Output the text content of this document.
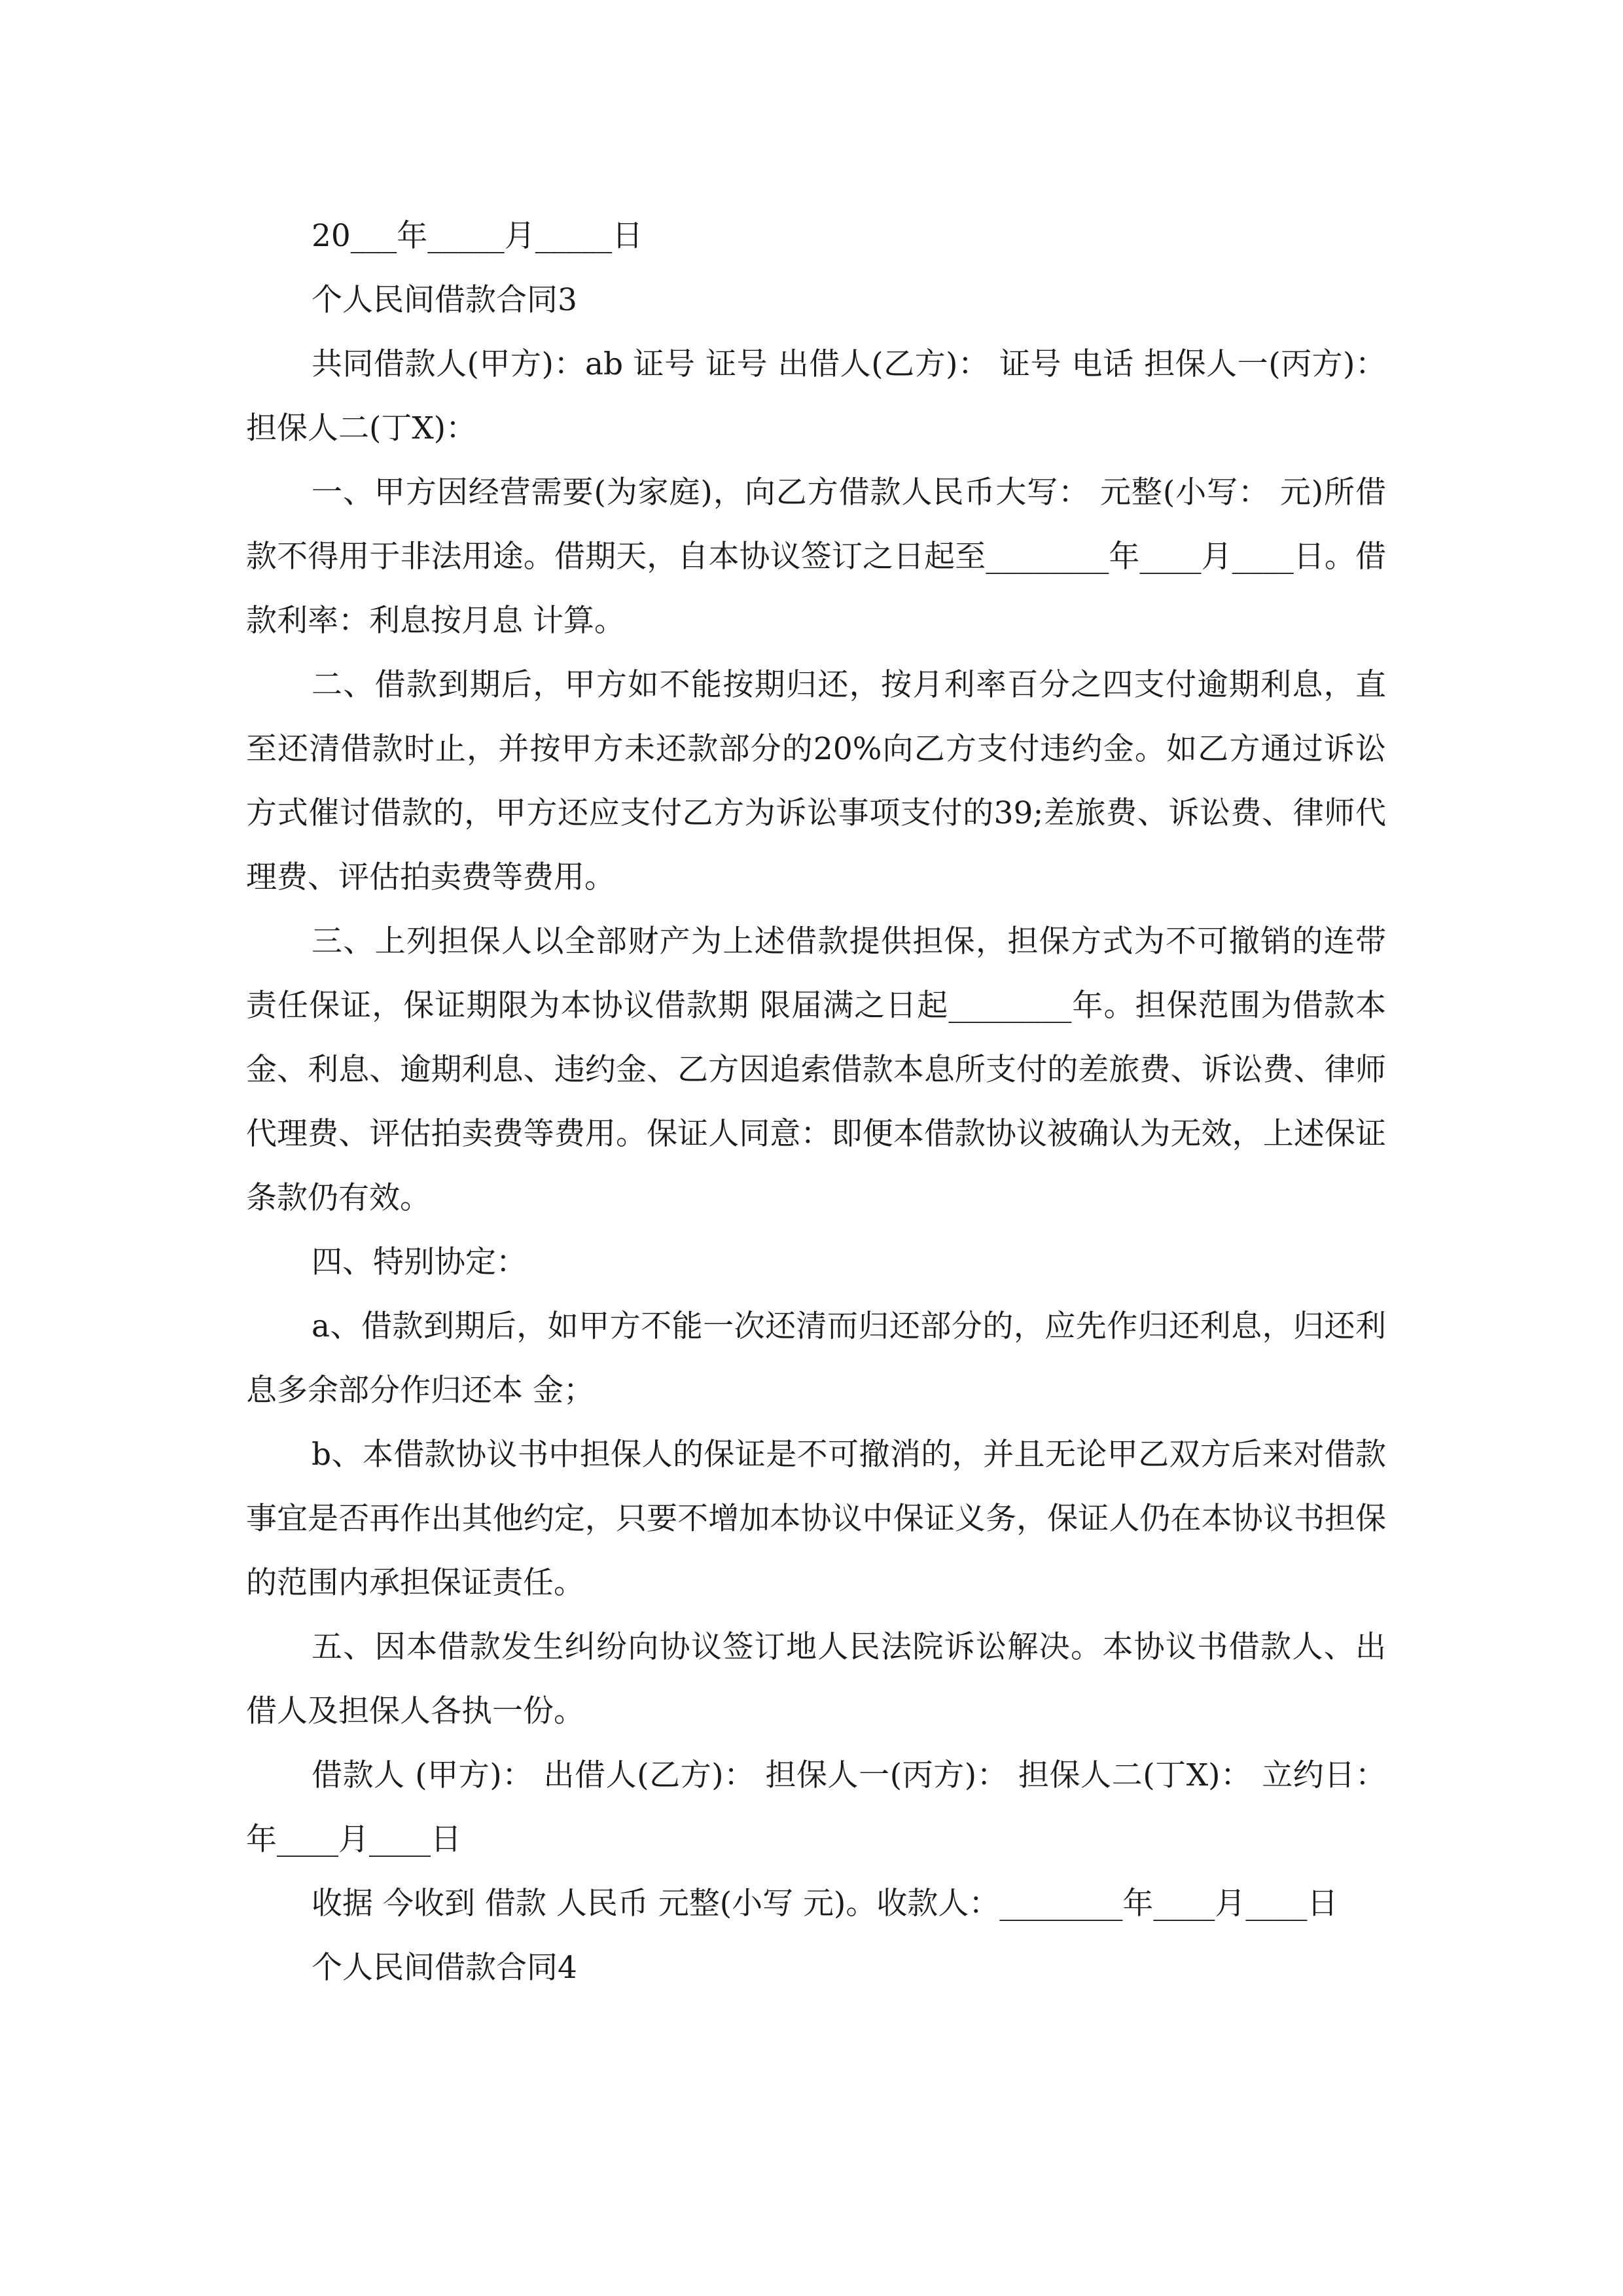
20___年_____月_____日

个人民间借款合同3

共同借款人(甲方)：ab 证号 证号 出借人(乙方)： 证号 电话 担保人一(丙方)： 担保人二(丁X)：

一、甲方因经营需要(为家庭)，向乙方借款人民币大写： 元整(小写： 元)所借款不得用于非法用途。借期天，自本协议签订之日起至________年____月____日。借款利率：利息按月息 计算。

二、借款到期后，甲方如不能按期归还，按月利率百分之四支付逾期利息，直至还清借款时止，并按甲方未还款部分的20%向乙方支付违约金。如乙方通过诉讼方式催讨借款的，甲方还应支付乙方为诉讼事项支付的39;差旅费、诉讼费、律师代理费、评估拍卖费等费用。

三、上列担保人以全部财产为上述借款提供担保，担保方式为不可撤销的连带责任保证，保证期限为本协议借款期 限届满之日起________年。担保范围为借款本金、利息、逾期利息、违约金、乙方因追索借款本息所支付的差旅费、诉讼费、律师代理费、评估拍卖费等费用。保证人同意：即便本借款协议被确认为无效，上述保证条款仍有效。

四、特别协定：

a、借款到期后，如甲方不能一次还清而归还部分的，应先作归还利息，归还利息多余部分作归还本 金；

b、本借款协议书中担保人的保证是不可撤消的，并且无论甲乙双方后来对借款事宜是否再作出其他约定，只要不增加本协议中保证义务，保证人仍在本协议书担保的范围内承担保证责任。

五、因本借款发生纠纷向协议签订地人民法院诉讼解决。本协议书借款人、出借人及担保人各执一份。

借款人 (甲方)： 出借人(乙方)： 担保人一(丙方)： 担保人二(丁X)： 立约日：年____月____日

收据 今收到 借款 人民币 元整(小写 元)。收款人：________年____月____日

个人民间借款合同4
